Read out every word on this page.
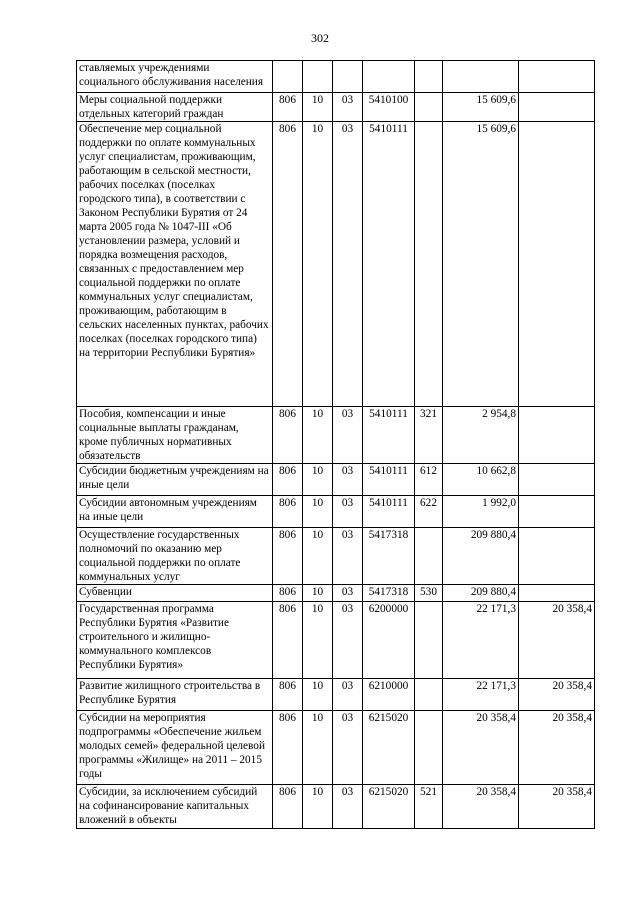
302
ставляемых учреждениями социального обслуживания населения							
Меры социальной поддержки отдельных категорий граждан	806	10	03	5410100		15 609,6	
Обеспечение мер социальной поддержки по оплате коммунальных услуг специалистам, проживающим, работающим в сельской местности, рабочих поселках (поселках городского типа), в соответствии с Законом Республики Бурятия от 24 марта 2005 года № 1047-III «Об установлении размера, условий и порядка возмещения расходов, связанных с предоставлением мер социальной поддержки по оплате коммунальных услуг специалистам, проживающим, работающим в сельских населенных пунктах, рабочих поселках (поселках городского типа) на территории Республики Бурятия»	806	10	03	5410111		15 609,6	
Пособия, компенсации и иные социальные выплаты гражданам, кроме публичных нормативных обязательств	806	10	03	5410111	321	2 954,8	
Субсидии бюджетным учреждениям на иные цели	806	10	03	5410111	612	10 662,8	
Субсидии автономным учреждениям на иные цели	806	10	03	5410111	622	1 992,0	
Осуществление государственных полномочий по оказанию мер социальной поддержки по оплате коммунальных услуг	806	10	03	5417318		209 880,4	
Субвенции	806	10	03	5417318	530	209 880,4	
Государственная программа Республики Бурятия «Развитие строительного и жилищно-коммунального комплексов Республики Бурятия»	806	10	03	6200000		22 171,3	20 358,4
Развитие жилищного строительства в Республике Бурятия	806	10	03	6210000		22 171,3	20 358,4
Субсидии на мероприятия подпрограммы «Обеспечение жильем молодых семей» федеральной целевой программы «Жилище» на 2011 – 2015 годы	806	10	03	6215020		20 358,4	20 358,4
Субсидии, за исключением субсидий на софинансирование капитальных вложений в объекты	806	10	03	6215020	521	20 358,4	20 358,4
